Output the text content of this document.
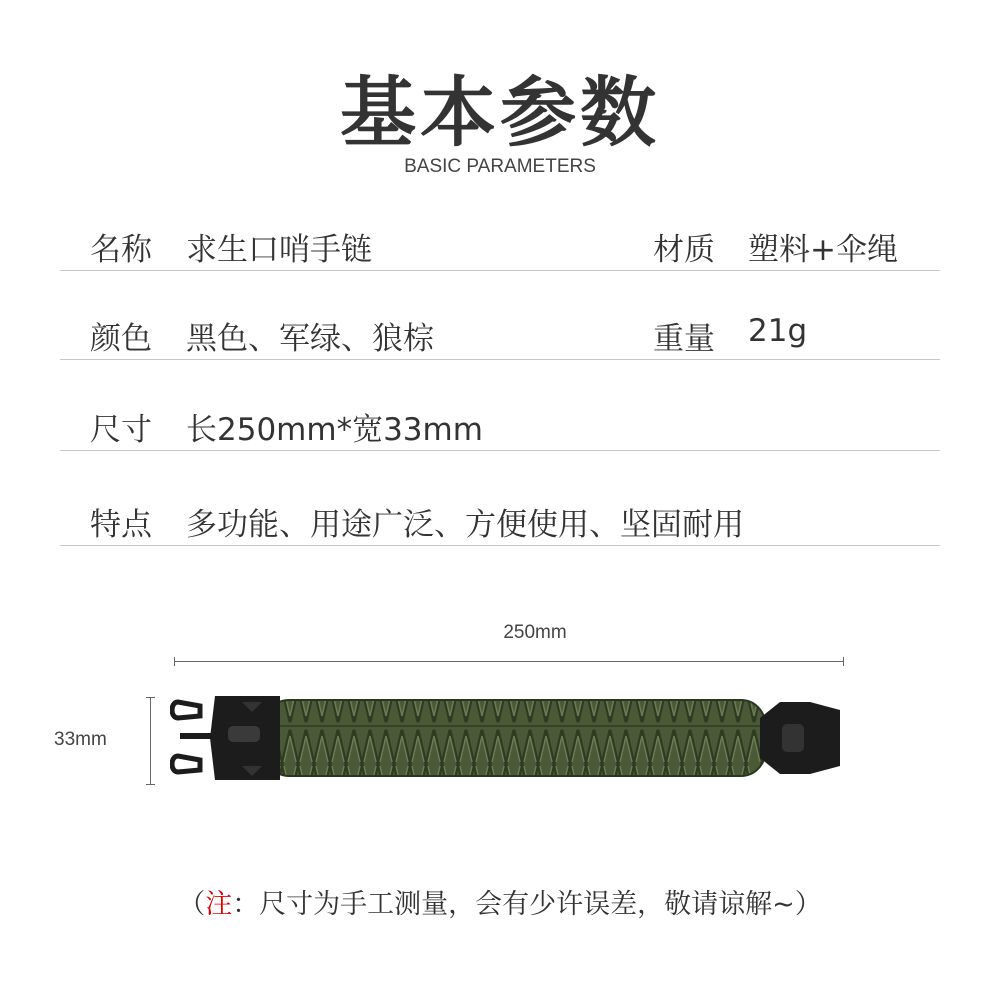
基本参数
BASIC PARAMETERS
名称 求生口哨手链	材质 塑料+伞绳
颜色 黑色、军绿、狼棕	重量 21g
尺寸 长250mm*宽33mm
特点 多功能、用途广泛、方便使用、坚固耐用
250mm
33mm
（注：尺寸为手工测量，会有少许误差，敬请谅解~）
